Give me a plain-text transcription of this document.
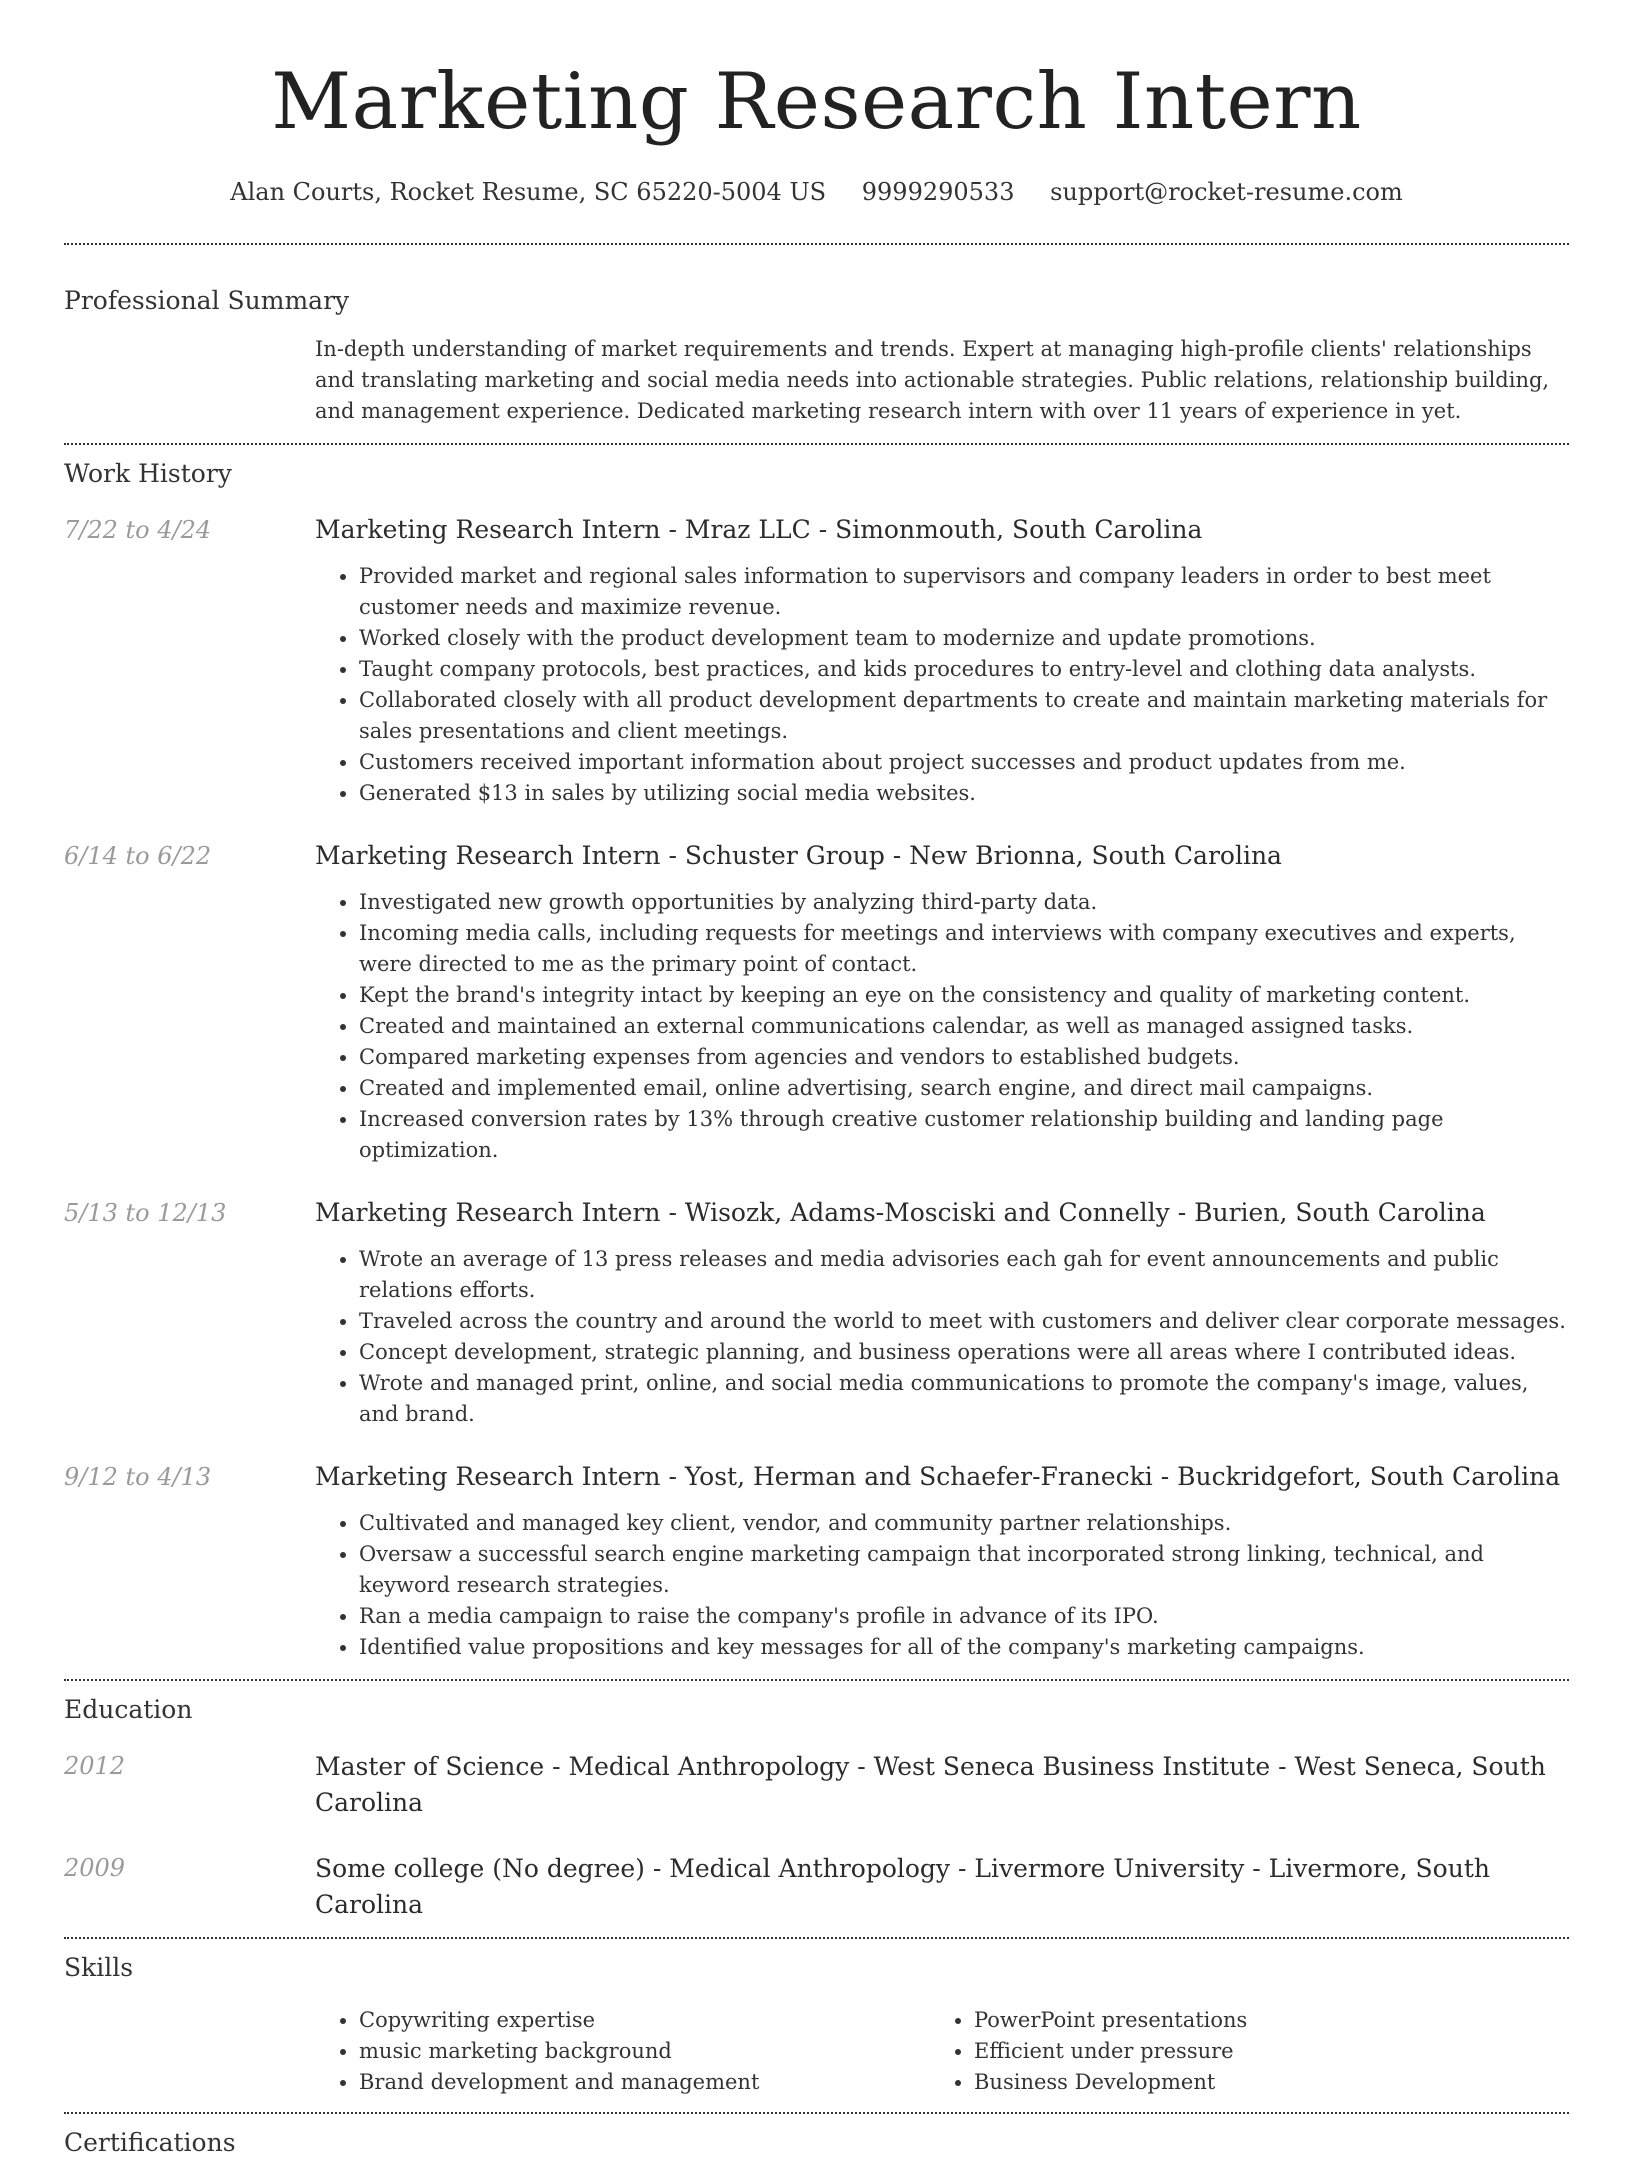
Marketing Research Intern
Alan Courts, Rocket Resume, SC 65220-5004 US 9999290533 support@rocket-resume.com
Professional Summary
In-depth understanding of market requirements and trends. Expert at managing high-profile clients' relationships and translating marketing and social media needs into actionable strategies. Public relations, relationship building, and management experience. Dedicated marketing research intern with over 11 years of experience in yet.
Work History
7/22 to 4/24	Marketing Research Intern - Mraz LLC - Simonmouth, South Carolina
• Provided market and regional sales information to supervisors and company leaders in order to best meet customer needs and maximize revenue.
• Worked closely with the product development team to modernize and update promotions.
• Taught company protocols, best practices, and kids procedures to entry-level and clothing data analysts.
• Collaborated closely with all product development departments to create and maintain marketing materials for sales presentations and client meetings.
• Customers received important information about project successes and product updates from me.
• Generated $13 in sales by utilizing social media websites.
6/14 to 6/22	Marketing Research Intern - Schuster Group - New Brionna, South Carolina
• Investigated new growth opportunities by analyzing third-party data.
• Incoming media calls, including requests for meetings and interviews with company executives and experts, were directed to me as the primary point of contact.
• Kept the brand's integrity intact by keeping an eye on the consistency and quality of marketing content.
• Created and maintained an external communications calendar, as well as managed assigned tasks.
• Compared marketing expenses from agencies and vendors to established budgets.
• Created and implemented email, online advertising, search engine, and direct mail campaigns.
• Increased conversion rates by 13% through creative customer relationship building and landing page optimization.
5/13 to 12/13	Marketing Research Intern - Wisozk, Adams-Mosciski and Connelly - Burien, South Carolina
• Wrote an average of 13 press releases and media advisories each gah for event announcements and public relations efforts.
• Traveled across the country and around the world to meet with customers and deliver clear corporate messages.
• Concept development, strategic planning, and business operations were all areas where I contributed ideas.
• Wrote and managed print, online, and social media communications to promote the company's image, values, and brand.
9/12 to 4/13	Marketing Research Intern - Yost, Herman and Schaefer-Franecki - Buckridgefort, South Carolina
• Cultivated and managed key client, vendor, and community partner relationships.
• Oversaw a successful search engine marketing campaign that incorporated strong linking, technical, and keyword research strategies.
• Ran a media campaign to raise the company's profile in advance of its IPO.
• Identified value propositions and key messages for all of the company's marketing campaigns.
Education
2012	Master of Science - Medical Anthropology - West Seneca Business Institute - West Seneca, South Carolina
2009	Some college (No degree) - Medical Anthropology - Livermore University - Livermore, South Carolina
Skills
• Copywriting expertise
• music marketing background
• Brand development and management
• PowerPoint presentations
• Efficient under pressure
• Business Development
Certifications
